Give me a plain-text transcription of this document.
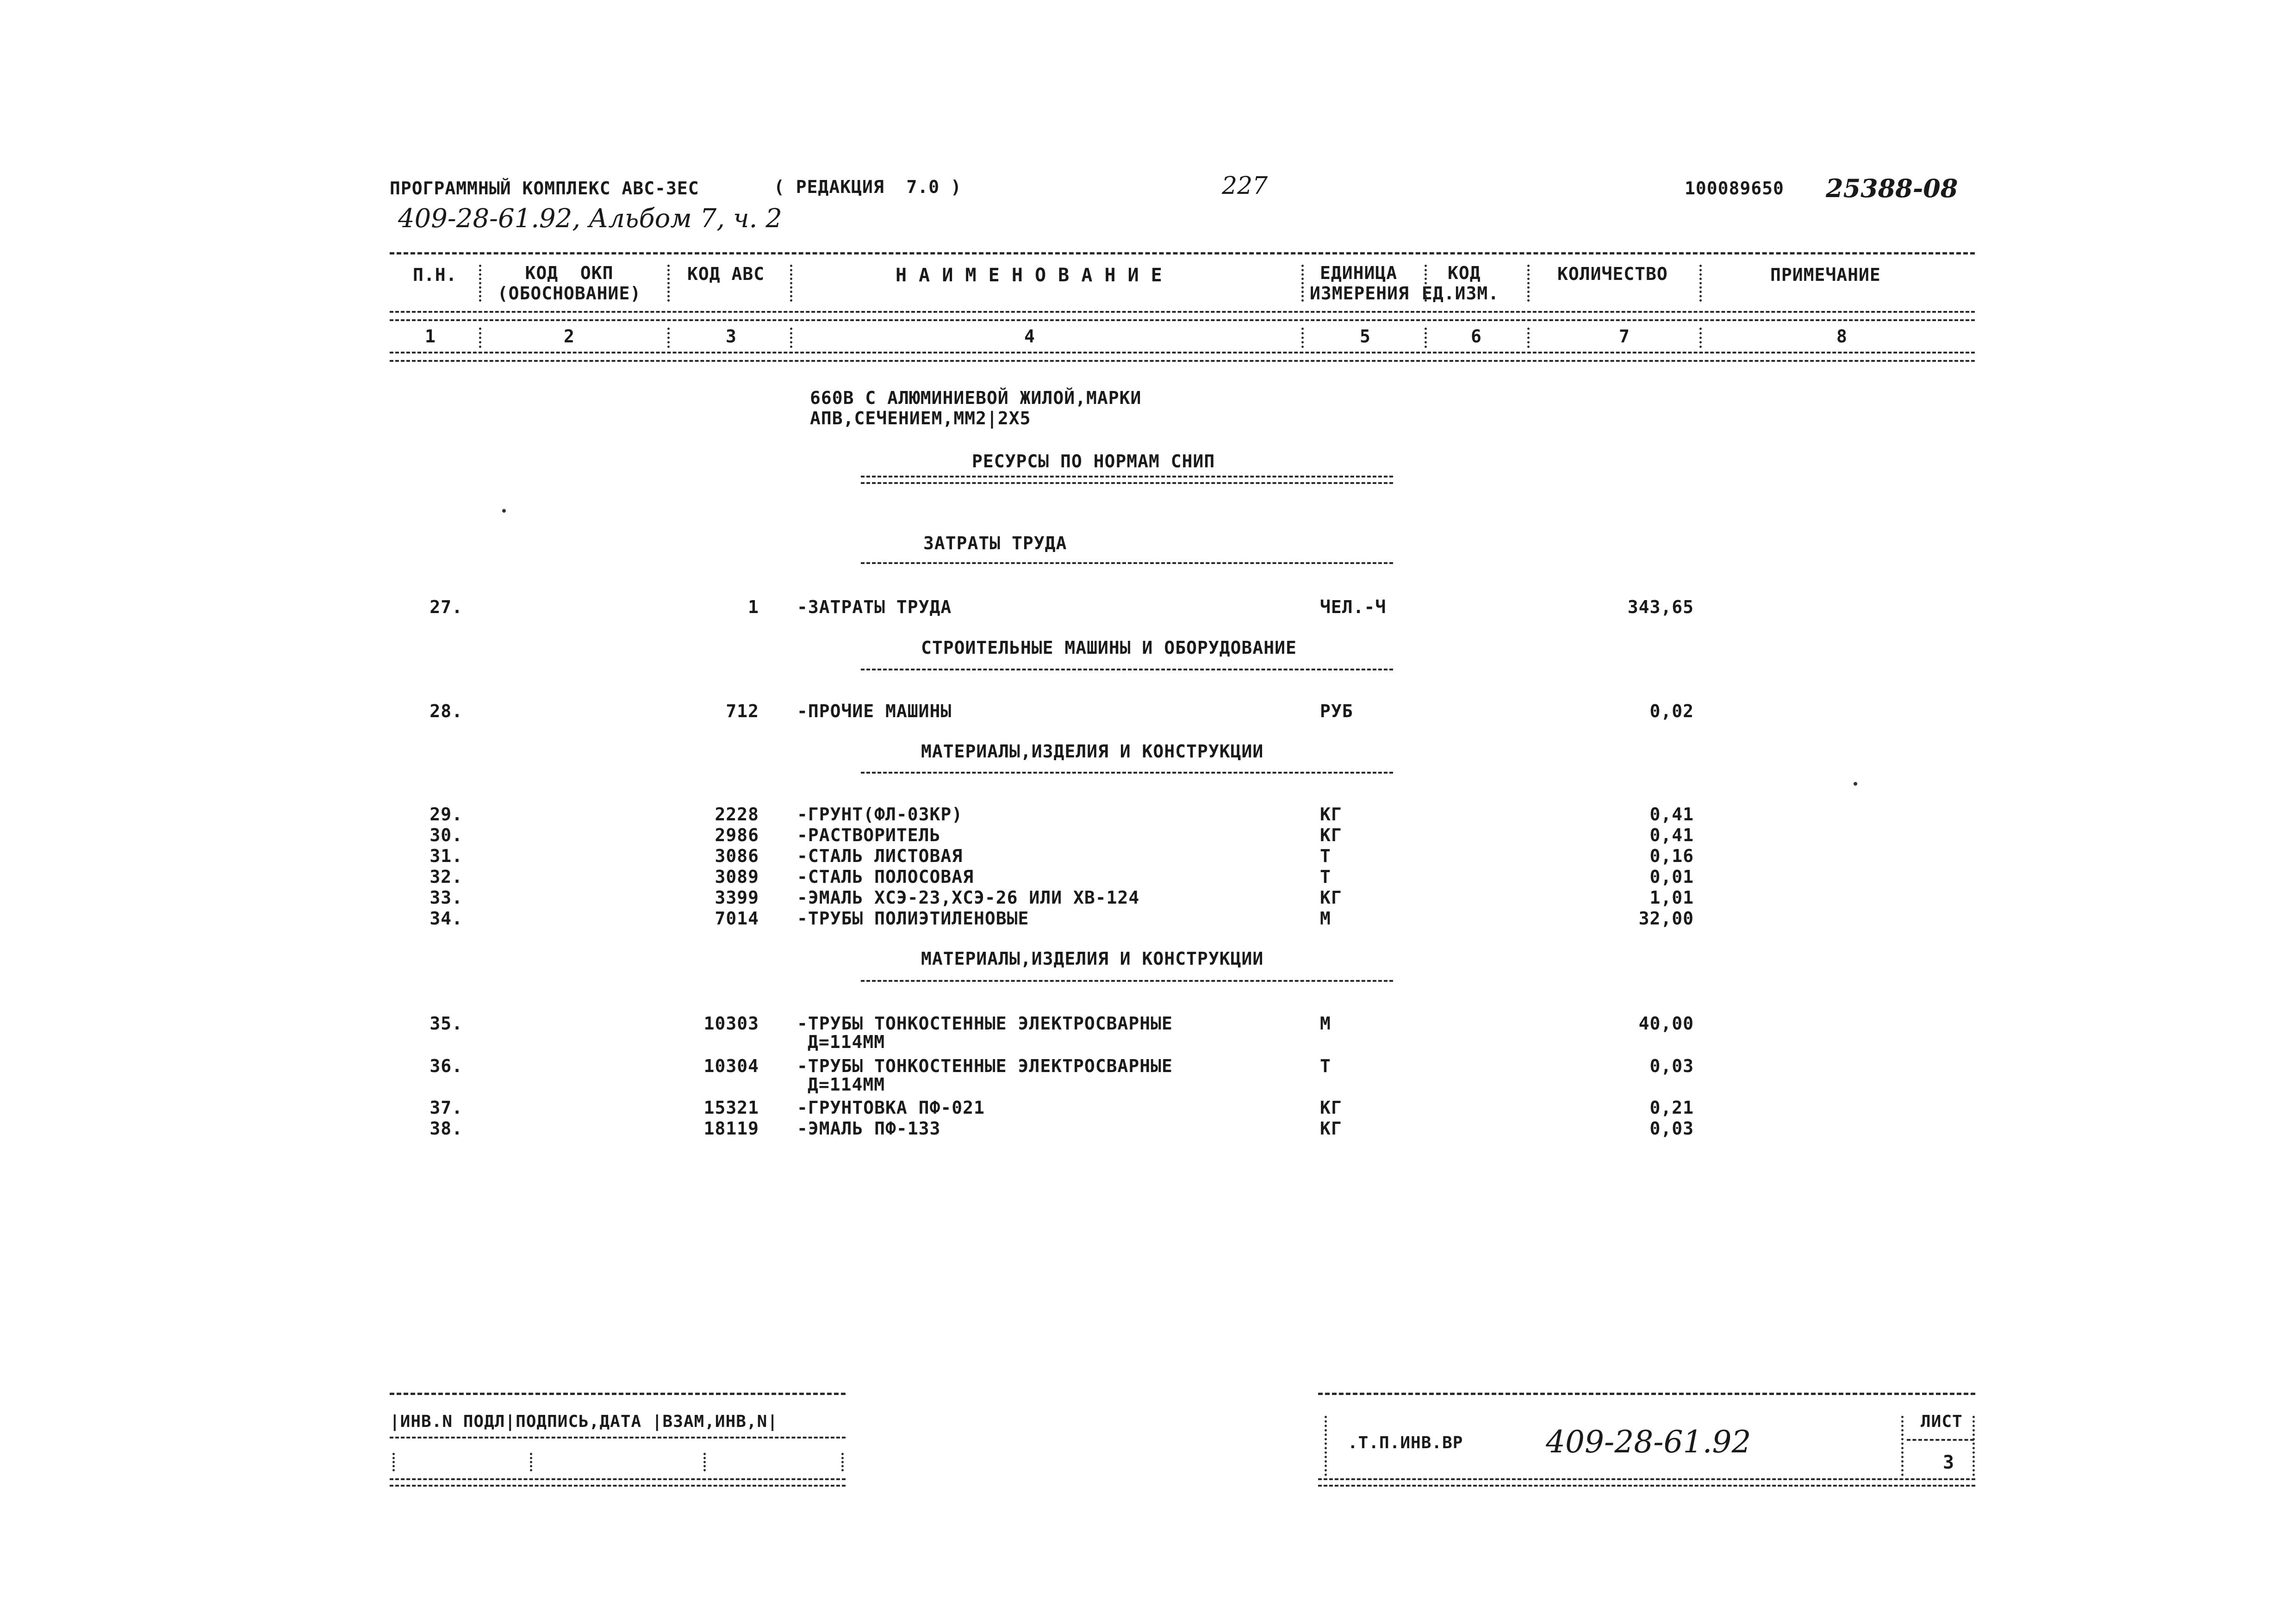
ПРОГРАММНЫЙ КОМПЛЕКС АВС-3ЕС	( РЕДАКЦИЯ  7.0 )	227	100089650 25388-08
409-28-61.92, Альбом 7, ч. 2
П.Н.	КОД  ОКП
(ОБОСНОВАНИЕ)
КОД АВС	Н А И М Е Н О В А Н И Е	ЕДИНИЦА
ИЗМЕРЕНИЯ
КОД
ЕД.ИЗМ.
КОЛИЧЕСТВО	ПРИМЕЧАНИЕ
1	2	3	4	5	6	7	8
660В С АЛЮМИНИЕВОЙ ЖИЛОЙ,МАРКИ
АПВ,СЕЧЕНИЕМ,ММ2|2Х5
РЕСУРСЫ ПО НОРМАМ СНИП
ЗАТРАТЫ ТРУДА
27.	1 -ЗАТРАТЫ ТРУДА	ЧЕЛ.-Ч	343,65
СТРОИТЕЛЬНЫЕ МАШИНЫ И ОБОРУДОВАНИЕ
28.	712 -ПРОЧИЕ МАШИНЫ	РУБ	0,02
МАТЕРИАЛЫ,ИЗДЕЛИЯ И КОНСТРУКЦИИ
29.	2228 -ГРУНТ(ФЛ-03КР)	КГ	0,41
30.	2986 -РАСТВОРИТЕЛЬ	КГ	0,41
31.	3086 -СТАЛЬ ЛИСТОВАЯ	Т	0,16
32.	3089 -СТАЛЬ ПОЛОСОВАЯ	Т	0,01
33.	3399 -ЭМАЛЬ ХСЭ-23,ХСЭ-26 ИЛИ ХВ-124	КГ	1,01
34.	7014 -ТРУБЫ ПОЛИЭТИЛЕНОВЫЕ	М	32,00
МАТЕРИАЛЫ,ИЗДЕЛИЯ И КОНСТРУКЦИИ
35.	10303 -ТРУБЫ ТОНКОСТЕННЫЕ ЭЛЕКТРОСВАРНЫЕ
Д=114ММ
М	40,00
36.	10304 -ТРУБЫ ТОНКОСТЕННЫЕ ЭЛЕКТРОСВАРНЫЕ
Д=114ММ
Т	0,03
37.	15321 -ГРУНТОВКА ПФ-021	КГ	0,21
38.	18119 -ЭМАЛЬ ПФ-133	КГ	0,03
|ИНВ.N ПОДЛ|ПОДПИСЬ,ДАТА |ВЗАМ,ИНВ,N|
.Т.П.ИНВ.ВР	409-28-61.92
ЛИСТ
3
